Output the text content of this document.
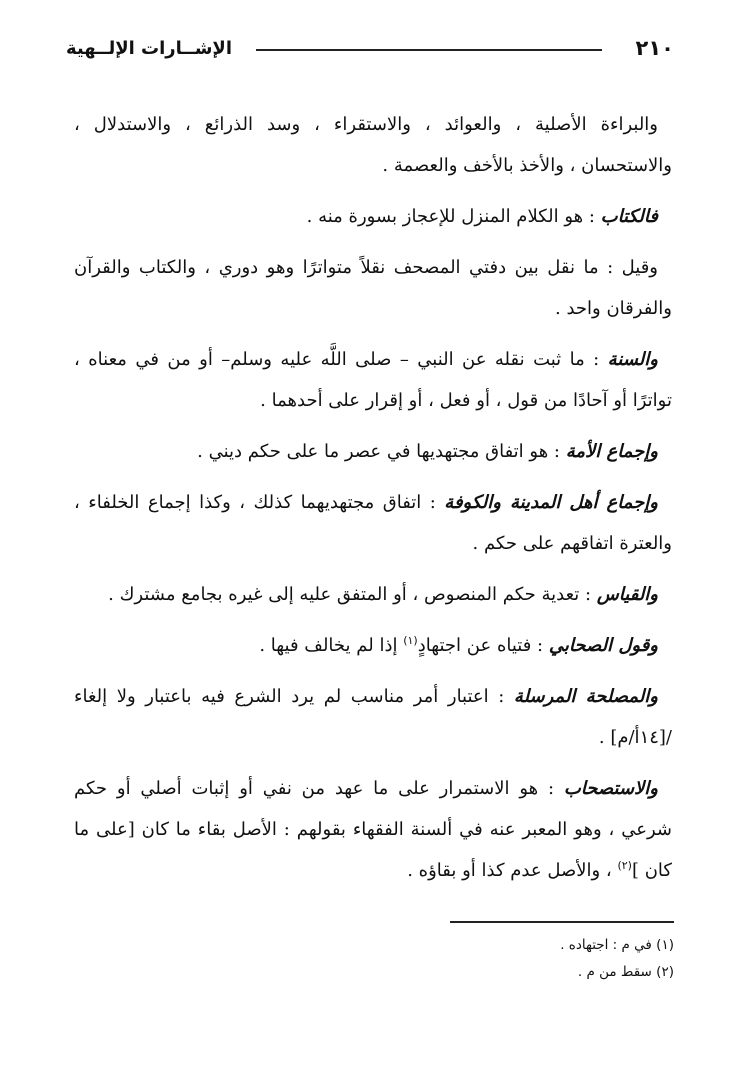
٢١٠
الإشــارات الإلــهية

والبراءة الأصلية ، والعوائد ، والاستقراء ، وسد الذرائع ، والاستدلال ، والاستحسان ، والأخذ بالأخف والعصمة .

فالكتاب : هو الكلام المنزل للإعجاز بسورة منه .

وقيل : ما نقل بين دفتي المصحف نقلاً متواترًا وهو دوري ، والكتاب والقرآن والفرقان واحد .

والسنة : ما ثبت نقله عن النبي – صلى اللَّه عليه وسلم– أو من في معناه ، تواترًا أو آحادًا من قول ، أو فعل ، أو إقرار على أحدهما .

وإجماع الأمة : هو اتفاق مجتهديها في عصر ما على حكم ديني .

وإجماع أهل المدينة والكوفة : اتفاق مجتهديهما كذلك ، وكذا إجماع الخلفاء ، والعترة اتفاقهم على حكم .

والقياس : تعدية حكم المنصوص ، أو المتفق عليه إلى غيره بجامع مشترك .

وقول الصحابي : فتياه عن اجتهادٍ$^{(١)}$ إذا لم يخالف فيها .

والمصلحة المرسلة : اعتبار أمر مناسب لم يرد الشرع فيه باعتبار ولا إلغاء /[١٤أ/م] .

والاستصحاب : هو الاستمرار على ما عهد من نفي أو إثبات أصلي أو حكم شرعي ، وهو المعبر عنه في ألسنة الفقهاء بقولهم : الأصل بقاء ما كان [على ما كان ]$^{(٢)}$ ، والأصل عدم كذا أو بقاؤه .

(١) في م : اجتهاده .

(٢) سقط من م .
